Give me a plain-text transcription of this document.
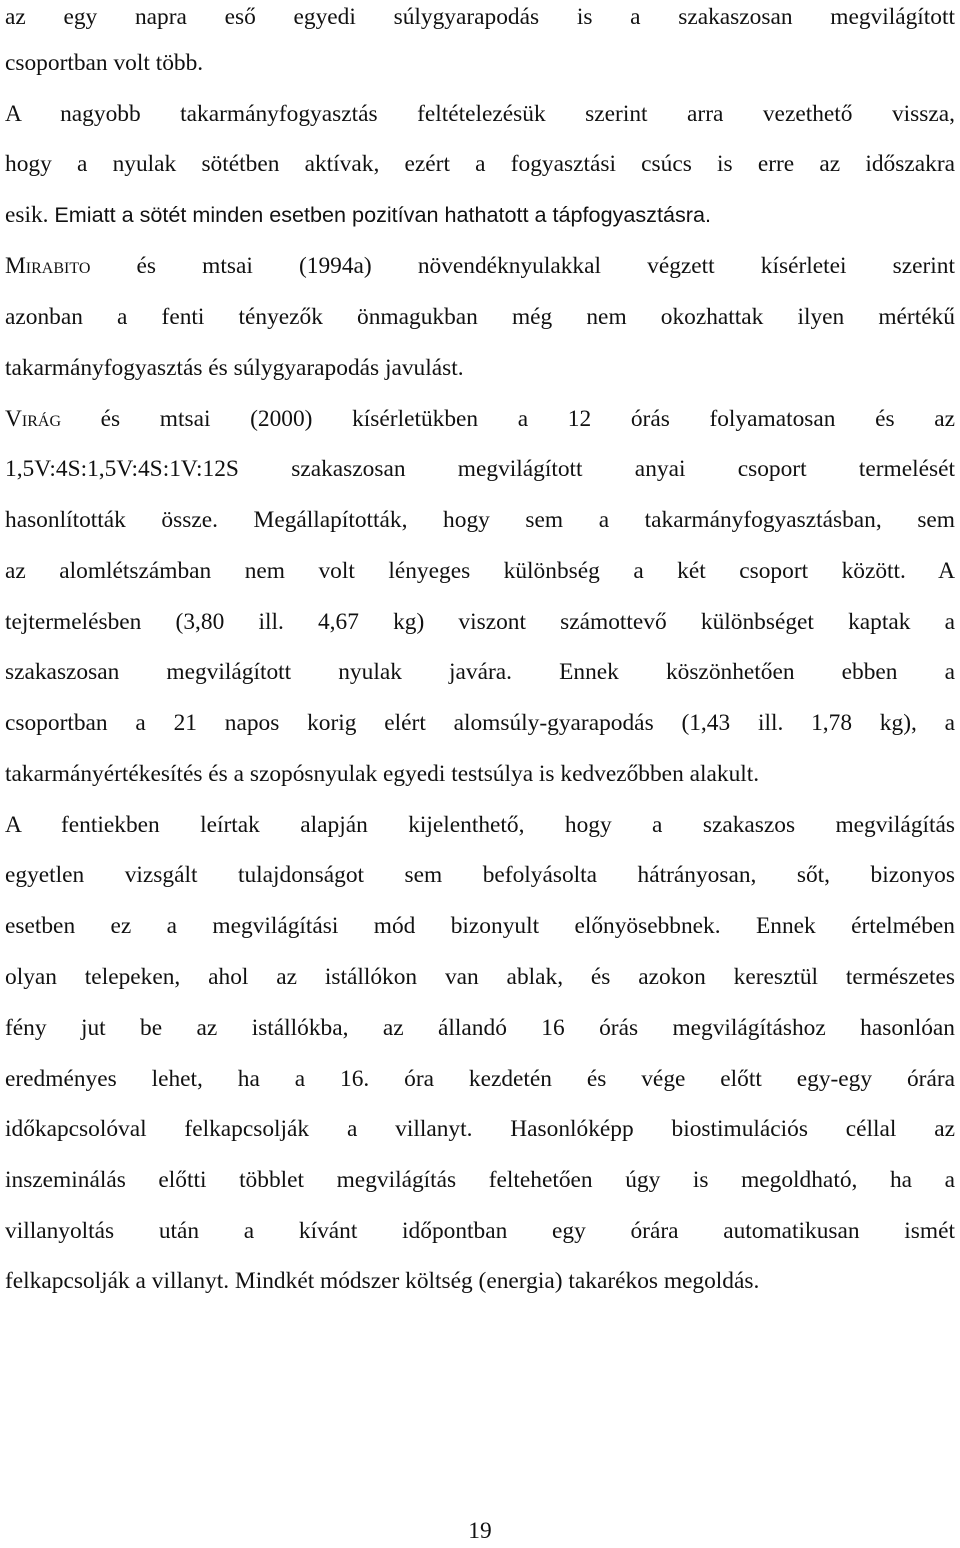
az egy napra eső egyedi súlygyarapodás is a szakaszosan megvilágított
csoportban volt több.
A nagyobb takarmányfogyasztás feltételezésük szerint arra vezethető vissza,
hogy a nyulak sötétben aktívak, ezért a fogyasztási csúcs is erre az időszakra
esik. Emiatt a sötét minden esetben pozitívan hathatott a tápfogyasztásra.
Mirabito és mtsai (1994a) növendéknyulakkal végzett kísérletei szerint
azonban a fenti tényezők önmagukban még nem okozhattak ilyen mértékű
takarmányfogyasztás és súlygyarapodás javulást.
Virág és mtsai (2000) kísérletükben a 12 órás folyamatosan és az
1,5V:4S:1,5V:4S:1V:12S szakaszosan megvilágított anyai csoport termelését
hasonlították össze. Megállapították, hogy sem a takarmányfogyasztásban, sem
az alomlétszámban nem volt lényeges különbség a két csoport között. A
tejtermelésben (3,80 ill. 4,67 kg) viszont számottevő különbséget kaptak a
szakaszosan megvilágított nyulak javára. Ennek köszönhetően ebben a
csoportban a 21 napos korig elért alomsúly-gyarapodás (1,43 ill. 1,78 kg), a
takarmányértékesítés és a szopósnyulak egyedi testsúlya is kedvezőbben alakult.
A fentiekben leírtak alapján kijelenthető, hogy a szakaszos megvilágítás
egyetlen vizsgált tulajdonságot sem befolyásolta hátrányosan, sőt, bizonyos
esetben ez a megvilágítási mód bizonyult előnyösebbnek. Ennek értelmében
olyan telepeken, ahol az istállókon van ablak, és azokon keresztül természetes
fény jut be az istállókba, az állandó 16 órás megvilágításhoz hasonlóan
eredményes lehet, ha a 16. óra kezdetén és vége előtt egy-egy órára
időkapcsolóval felkapcsolják a villanyt. Hasonlóképp biostimulációs céllal az
inszeminálás előtti többlet megvilágítás feltehetően úgy is megoldható, ha a
villanyoltás után a kívánt időpontban egy órára automatikusan ismét
felkapcsolják a villanyt. Mindkét módszer költség (energia) takarékos megoldás.
19
